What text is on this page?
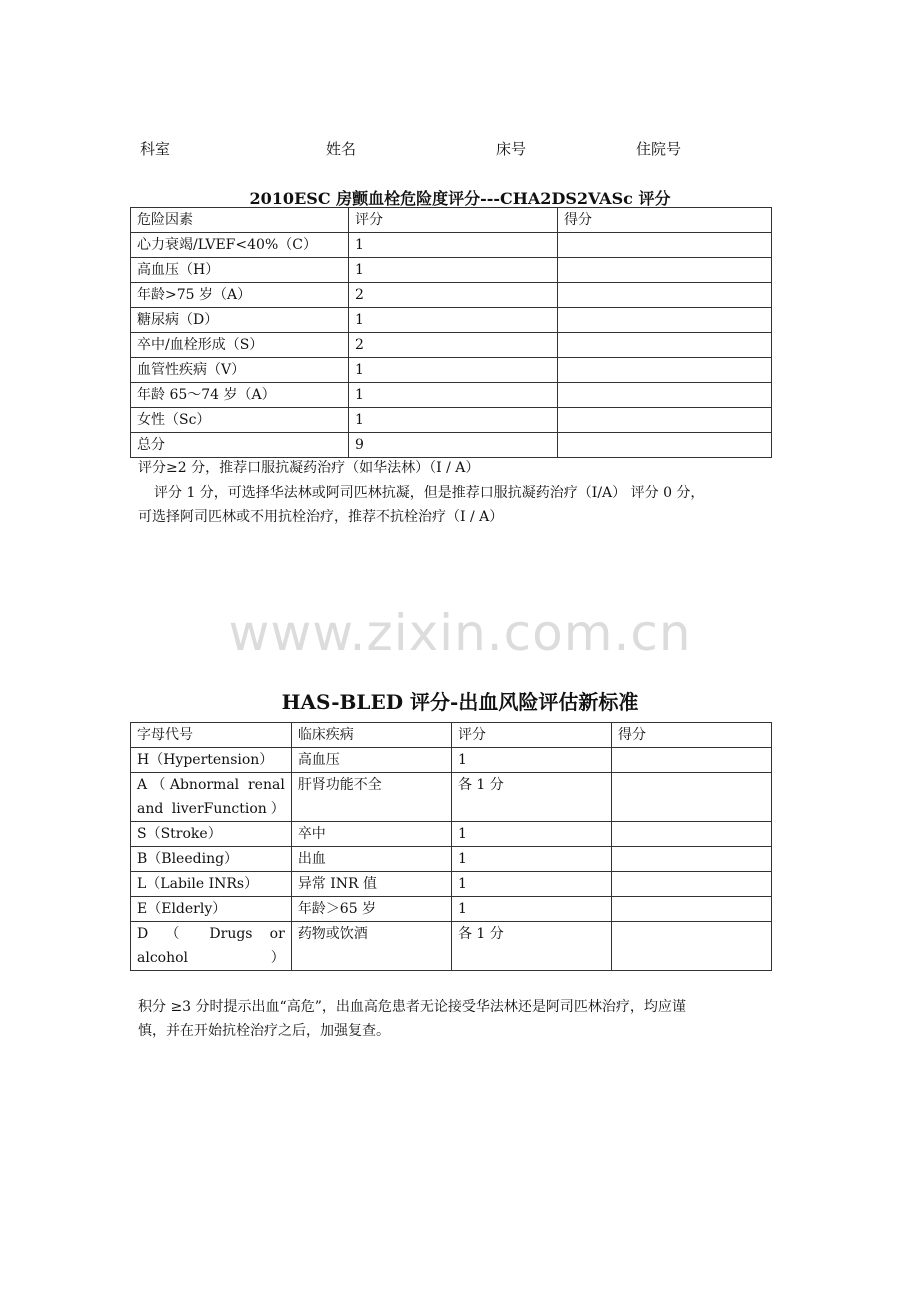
科室	姓名	床号	住院号
2010ESC 房颤血栓危险度评分---CHA2DS2VASc 评分
危险因素	评分	得分
心力衰竭/LVEF<40%（C）	1	
高血压（H）	1	
年龄>75 岁（A）	2	
糖尿病（D）	1	
卒中/血栓形成（S）	2	
血管性疾病（V）	1	
年龄 65～74 岁（A）	1	
女性（Sc）	1	
总分	9	
评分≥2 分，推荐口服抗凝药治疗（如华法林）（I / A）
评分 1 分，可选择华法林或阿司匹林抗凝，但是推荐口服抗凝药治疗（I/A） 评分 0 分，
可选择阿司匹林或不用抗栓治疗，推荐不抗栓治疗（I / A）
www.zixin.com.cn
HAS-BLED 评分-出血风险评估新标准
字母代号	临床疾病	评分	得分
H（Hypertension）	高血压	1	
A（Abnormal renal and liverFunction）	肝肾功能不全	各 1 分	
S（Stroke）	卒中	1	
B（Bleeding）	出血	1	
L（Labile INRs）	异常 INR 值	1	
E（Elderly）	年龄＞65 岁	1	
D （ Drugs or alcohol）	药物或饮酒	各 1 分	
积分 ≥3 分时提示出血“高危”，出血高危患者无论接受华法林还是阿司匹林治疗，均应谨
慎，并在开始抗栓治疗之后，加强复查。
